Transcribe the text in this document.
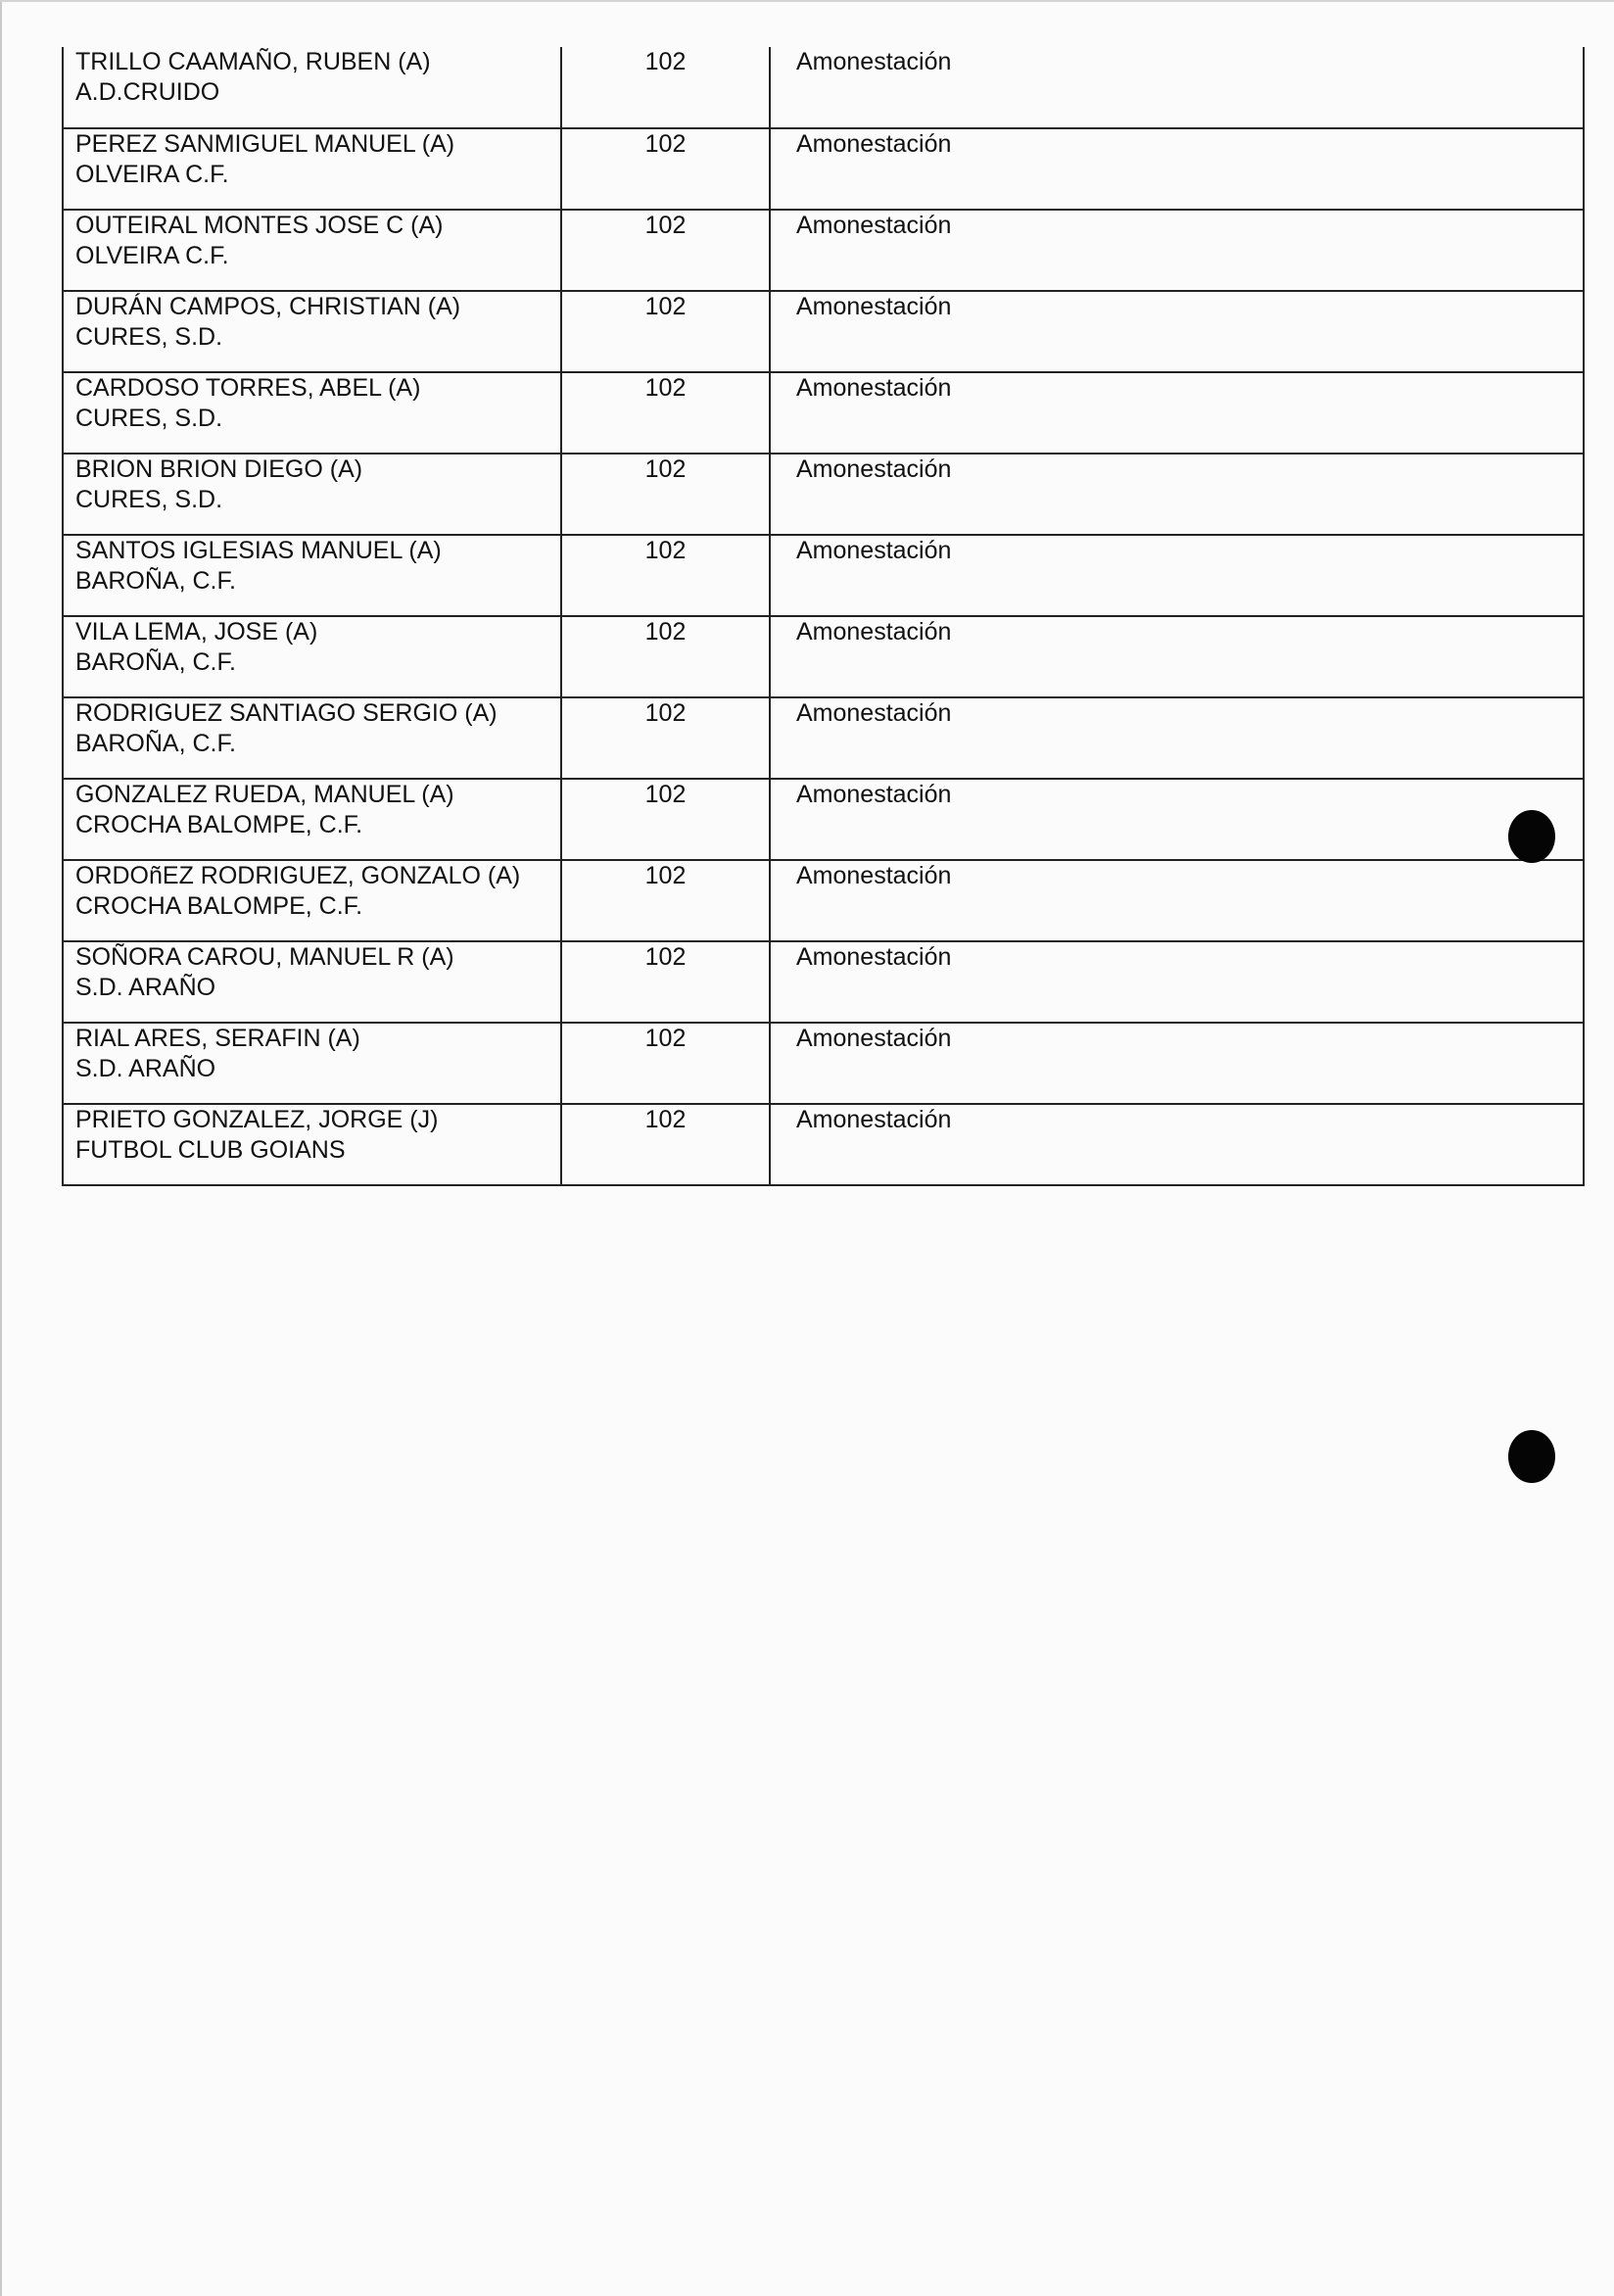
TRILLO CAAMAÑO, RUBEN (A)
A.D.CRUIDO	102	Amonestación

PEREZ SANMIGUEL MANUEL (A)
OLVEIRA C.F.	102	Amonestación

OUTEIRAL MONTES JOSE C (A)
OLVEIRA C.F.	102	Amonestación

DURÁN CAMPOS, CHRISTIAN (A)
CURES, S.D.	102	Amonestación

CARDOSO TORRES, ABEL (A)
CURES, S.D.	102	Amonestación

BRION BRION DIEGO (A)
CURES, S.D.	102	Amonestación

SANTOS IGLESIAS MANUEL (A)
BAROÑA, C.F.	102	Amonestación

VILA LEMA, JOSE (A)
BAROÑA, C.F.	102	Amonestación

RODRIGUEZ SANTIAGO SERGIO (A)
BAROÑA, C.F.	102	Amonestación

GONZALEZ RUEDA, MANUEL (A)
CROCHA BALOMPE, C.F.	102	Amonestación

ORDOñEZ RODRIGUEZ, GONZALO (A)
CROCHA BALOMPE, C.F.	102	Amonestación

SOÑORA CAROU, MANUEL R (A)
S.D. ARAÑO	102	Amonestación

RIAL ARES, SERAFIN (A)
S.D. ARAÑO	102	Amonestación

PRIETO GONZALEZ, JORGE (J)
FUTBOL CLUB GOIANS	102	Amonestación
